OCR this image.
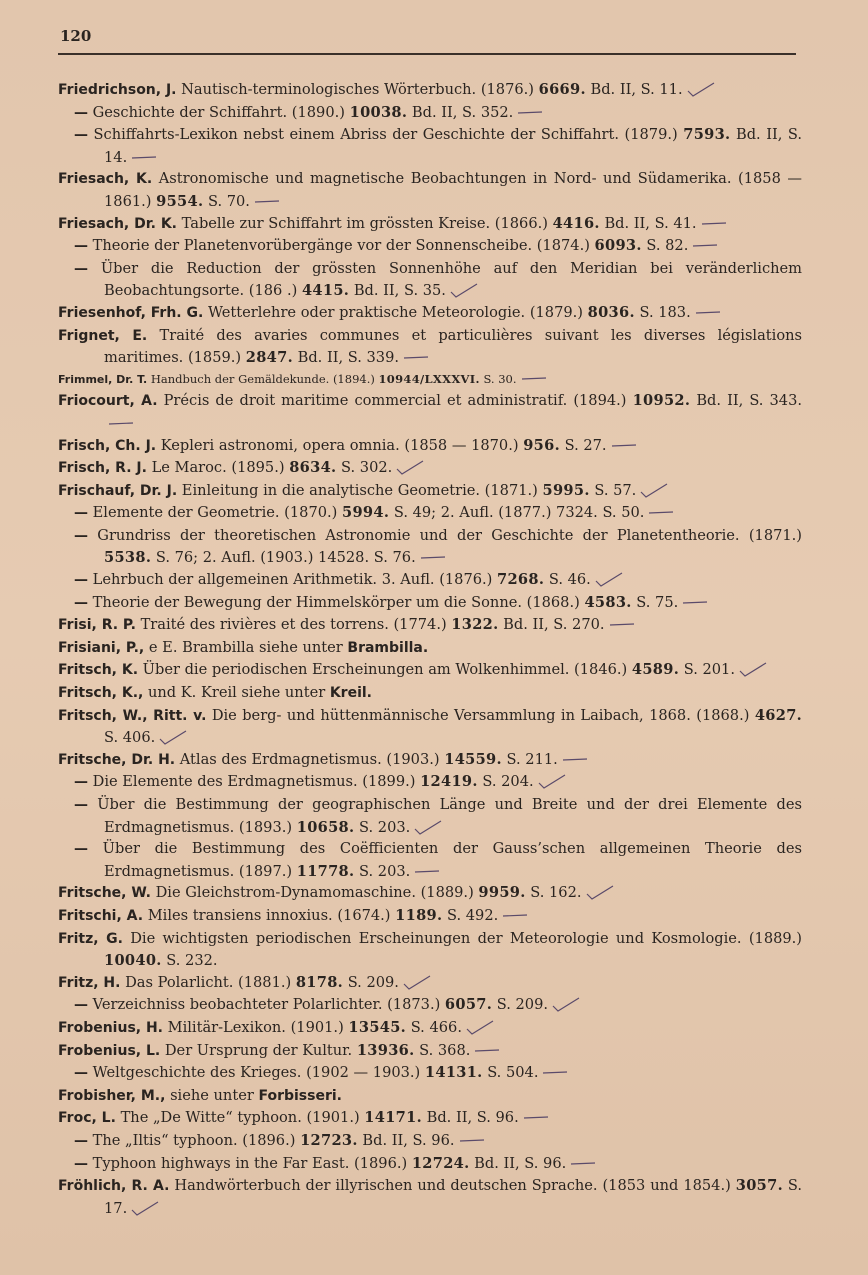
120
Friedrichson, J. Nautisch-terminologisches Wörterbuch. (1876.) 6669. Bd. II, S. 11.
— Geschichte der Schiffahrt. (1890.) 10038. Bd. II, S. 352.
— Schiffahrts-Lexikon nebst einem Abriss der Geschichte der Schiffahrt. (1879.) 7593. Bd. II, S. 14.
Friesach, K. Astronomische und magnetische Beobachtungen in Nord- und Südamerika. (1858 — 1861.) 9554. S. 70.
Friesach, Dr. K. Tabelle zur Schiffahrt im grössten Kreise. (1866.) 4416. Bd. II, S. 41.
— Theorie der Planetenvorübergänge vor der Sonnenscheibe. (1874.) 6093. S. 82.
— Über die Reduction der grössten Sonnenhöhe auf den Meridian bei veränderlichem Beobachtungsorte. (186 .) 4415. Bd. II, S. 35.
Friesenhof, Frh. G. Wetterlehre oder praktische Meteorologie. (1879.) 8036. S. 183.
Frignet, E. Traité des avaries communes et particulières suivant les diverses législations maritimes. (1859.) 2847. Bd. II, S. 339.
Frimmel, Dr. T. Handbuch der Gemäldekunde. (1894.) 10944/LXXXVI. S. 30.
Friocourt, A. Précis de droit maritime commercial et administratif. (1894.) 10952. Bd. II, S. 343.
Frisch, Ch. J. Kepleri astronomi, opera omnia. (1858 — 1870.) 956. S. 27.
Frisch, R. J. Le Maroc. (1895.) 8634. S. 302.
Frischauf, Dr. J. Einleitung in die analytische Geometrie. (1871.) 5995. S. 57.
— Elemente der Geometrie. (1870.) 5994. S. 49; 2. Aufl. (1877.) 7324. S. 50.
— Grundriss der theoretischen Astronomie und der Geschichte der Planetentheorie. (1871.) 5538. S. 76; 2. Aufl. (1903.) 14528. S. 76.
— Lehrbuch der allgemeinen Arithmetik. 3. Aufl. (1876.) 7268. S. 46.
— Theorie der Bewegung der Himmelskörper um die Sonne. (1868.) 4583. S. 75.
Frisi, R. P. Traité des rivières et des torrens. (1774.) 1322. Bd. II, S. 270.
Frisiani, P., e E. Brambilla siehe unter Brambilla.
Fritsch, K. Über die periodischen Erscheinungen am Wolkenhimmel. (1846.) 4589. S. 201.
Fritsch, K., und K. Kreil siehe unter Kreil.
Fritsch, W., Ritt. v. Die berg- und hüttenmännische Versammlung in Laibach, 1868. (1868.) 4627. S. 406.
Fritsche, Dr. H. Atlas des Erdmagnetismus. (1903.) 14559. S. 211.
— Die Elemente des Erdmagnetismus. (1899.) 12419. S. 204.
— Über die Bestimmung der geographischen Länge und Breite und der drei Elemente des Erdmagnetismus. (1893.) 10658. S. 203.
— Über die Bestimmung des Coëfficienten der Gauss’schen allgemeinen Theorie des Erdmagnetismus. (1897.) 11778. S. 203.
Fritsche, W. Die Gleichstrom-Dynamomaschine. (1889.) 9959. S. 162.
Fritschi, A. Miles transiens innoxius. (1674.) 1189. S. 492.
Fritz, G. Die wichtigsten periodischen Erscheinungen der Meteorologie und Kosmologie. (1889.) 10040. S. 232.
Fritz, H. Das Polarlicht. (1881.) 8178. S. 209.
— Verzeichniss beobachteter Polarlichter. (1873.) 6057. S. 209.
Frobenius, H. Militär-Lexikon. (1901.) 13545. S. 466.
Frobenius, L. Der Ursprung der Kultur. 13936. S. 368.
— Weltgeschichte des Krieges. (1902 — 1903.) 14131. S. 504.
Frobisher, M., siehe unter Forbisseri.
Froc, L. The „De Witte“ typhoon. (1901.) 14171. Bd. II, S. 96.
— The „Iltis“ typhoon. (1896.) 12723. Bd. II, S. 96.
— Typhoon highways in the Far East. (1896.) 12724. Bd. II, S. 96.
Fröhlich, R. A. Handwörterbuch der illyrischen und deutschen Sprache. (1853 und 1854.) 3057. S. 17.
